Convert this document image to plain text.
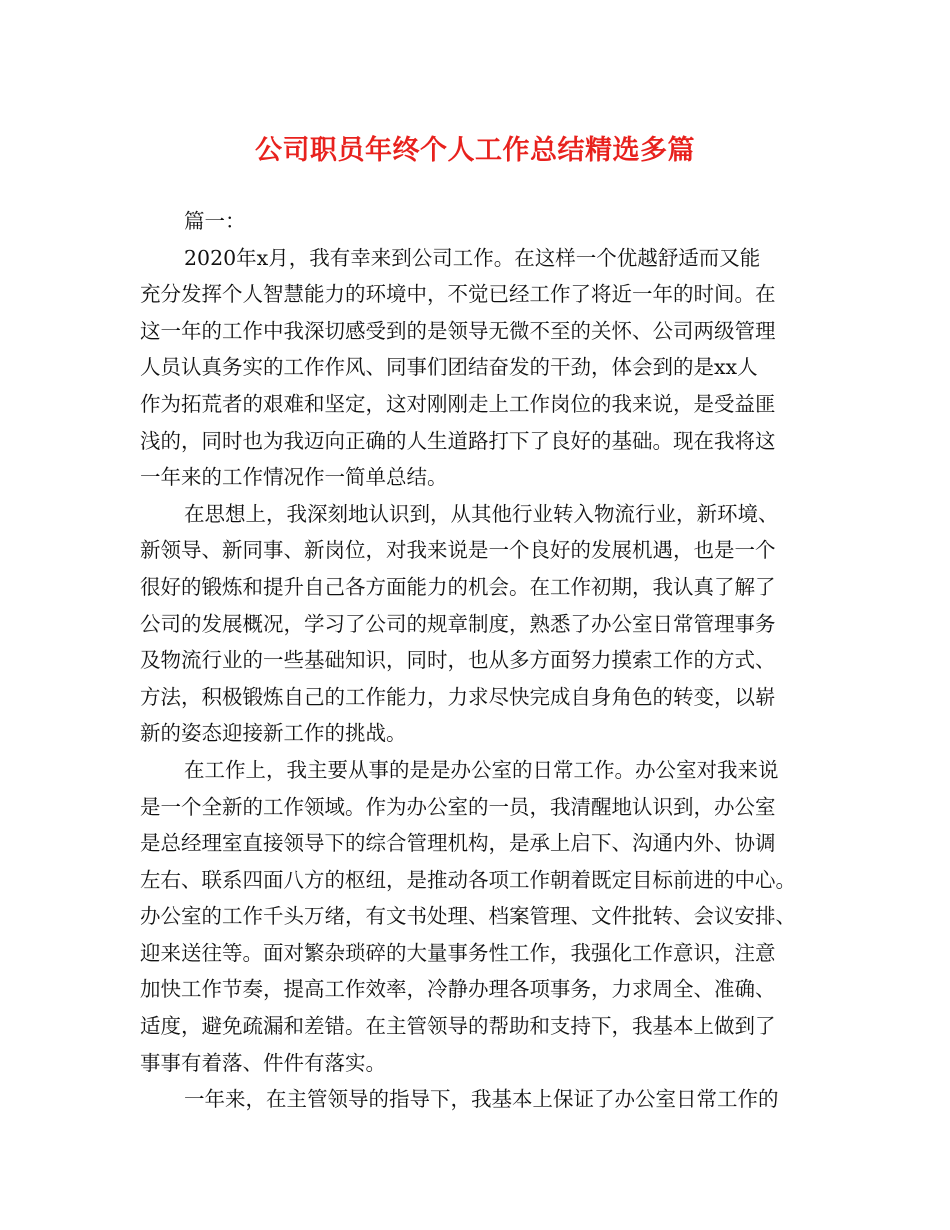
公司职员年终个人工作总结精选多篇
篇一：
2020年x月，我有幸来到公司工作。在这样一个优越舒适而又能
充分发挥个人智慧能力的环境中，不觉已经工作了将近一年的时间。在
这一年的工作中我深切感受到的是领导无微不至的关怀、公司两级管理
人员认真务实的工作作风、同事们团结奋发的干劲，体会到的是xx人
作为拓荒者的艰难和坚定，这对刚刚走上工作岗位的我来说，是受益匪
浅的，同时也为我迈向正确的人生道路打下了良好的基础。现在我将这
一年来的工作情况作一简单总结。
在思想上，我深刻地认识到，从其他行业转入物流行业，新环境、
新领导、新同事、新岗位，对我来说是一个良好的发展机遇，也是一个
很好的锻炼和提升自己各方面能力的机会。在工作初期，我认真了解了
公司的发展概况，学习了公司的规章制度，熟悉了办公室日常管理事务
及物流行业的一些基础知识，同时，也从多方面努力摸索工作的方式、
方法，积极锻炼自己的工作能力，力求尽快完成自身角色的转变，以崭
新的姿态迎接新工作的挑战。
在工作上，我主要从事的是是办公室的日常工作。办公室对我来说
是一个全新的工作领域。作为办公室的一员，我清醒地认识到，办公室
是总经理室直接领导下的综合管理机构，是承上启下、沟通内外、协调
左右、联系四面八方的枢纽，是推动各项工作朝着既定目标前进的中心。
办公室的工作千头万绪，有文书处理、档案管理、文件批转、会议安排、
迎来送往等。面对繁杂琐碎的大量事务性工作，我强化工作意识，注意
加快工作节奏，提高工作效率，冷静办理各项事务，力求周全、准确、
适度，避免疏漏和差错。在主管领导的帮助和支持下，我基本上做到了
事事有着落、件件有落实。
一年来，在主管领导的指导下，我基本上保证了办公室日常工作的
